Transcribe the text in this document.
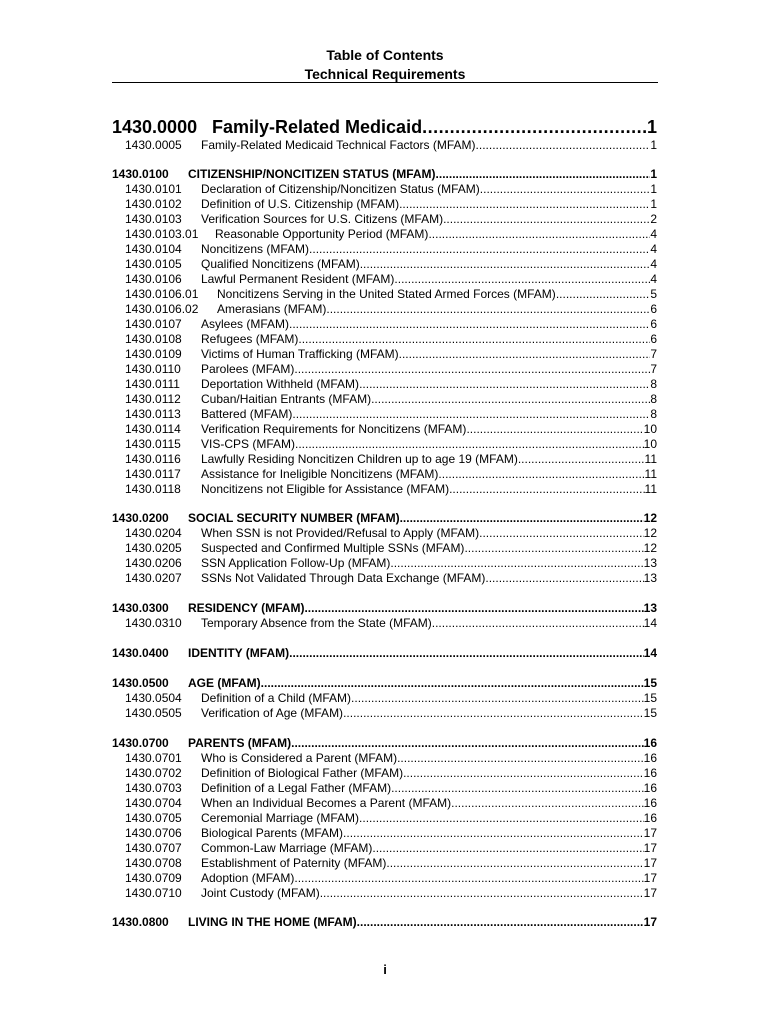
Table of Contents
Technical Requirements
1430.0000 Family-Related Medicaid .....	1
1430.0005	Family-Related Medicaid Technical Factors (MFAM) .....	1
1430.0100	CITIZENSHIP/NONCITIZEN STATUS (MFAM) .....	1
1430.0101	Declaration of Citizenship/Noncitizen Status (MFAM) .....	1
1430.0102	Definition of U.S. Citizenship (MFAM) .....	1
1430.0103	Verification Sources for U.S. Citizens (MFAM) .....	2
1430.0103.01	Reasonable Opportunity Period (MFAM) .....	4
1430.0104	Noncitizens (MFAM) .....	4
1430.0105	Qualified Noncitizens (MFAM) .....	4
1430.0106	Lawful Permanent Resident (MFAM) .....	4
1430.0106.01	Noncitizens Serving in the United Stated Armed Forces (MFAM) .....	5
1430.0106.02	Amerasians (MFAM) .....	6
1430.0107	Asylees (MFAM) .....	6
1430.0108	Refugees (MFAM) .....	6
1430.0109	Victims of Human Trafficking (MFAM) .....	7
1430.0110	Parolees (MFAM) .....	7
1430.0111	Deportation Withheld (MFAM) .....	8
1430.0112	Cuban/Haitian Entrants (MFAM) .....	8
1430.0113	Battered (MFAM) .....	8
1430.0114	Verification Requirements for Noncitizens (MFAM) .....	10
1430.0115	VIS-CPS (MFAM) .....	10
1430.0116	Lawfully Residing Noncitizen Children up to age 19 (MFAM) .....	11
1430.0117	Assistance for Ineligible Noncitizens (MFAM) .....	11
1430.0118	Noncitizens not Eligible for Assistance (MFAM) .....	11
1430.0200	SOCIAL SECURITY NUMBER (MFAM) .....	12
1430.0204	When SSN is not Provided/Refusal to Apply (MFAM) .....	12
1430.0205	Suspected and Confirmed Multiple SSNs (MFAM) .....	12
1430.0206	SSN Application Follow-Up (MFAM) .....	13
1430.0207	SSNs Not Validated Through Data Exchange (MFAM) .....	13
1430.0300	RESIDENCY (MFAM) .....	13
1430.0310	Temporary Absence from the State (MFAM) .....	14
1430.0400	IDENTITY (MFAM) .....	14
1430.0500	AGE (MFAM) .....	15
1430.0504	Definition of a Child (MFAM) .....	15
1430.0505	Verification of Age (MFAM) .....	15
1430.0700	PARENTS (MFAM) .....	16
1430.0701	Who is Considered a Parent (MFAM) .....	16
1430.0702	Definition of Biological Father (MFAM) .....	16
1430.0703	Definition of a Legal Father (MFAM) .....	16
1430.0704	When an Individual Becomes a Parent (MFAM) .....	16
1430.0705	Ceremonial Marriage (MFAM) .....	16
1430.0706	Biological Parents (MFAM) .....	17
1430.0707	Common-Law Marriage (MFAM) .....	17
1430.0708	Establishment of Paternity (MFAM) .....	17
1430.0709	Adoption (MFAM) .....	17
1430.0710	Joint Custody (MFAM) .....	17
1430.0800	LIVING IN THE HOME (MFAM) .....	17
i
